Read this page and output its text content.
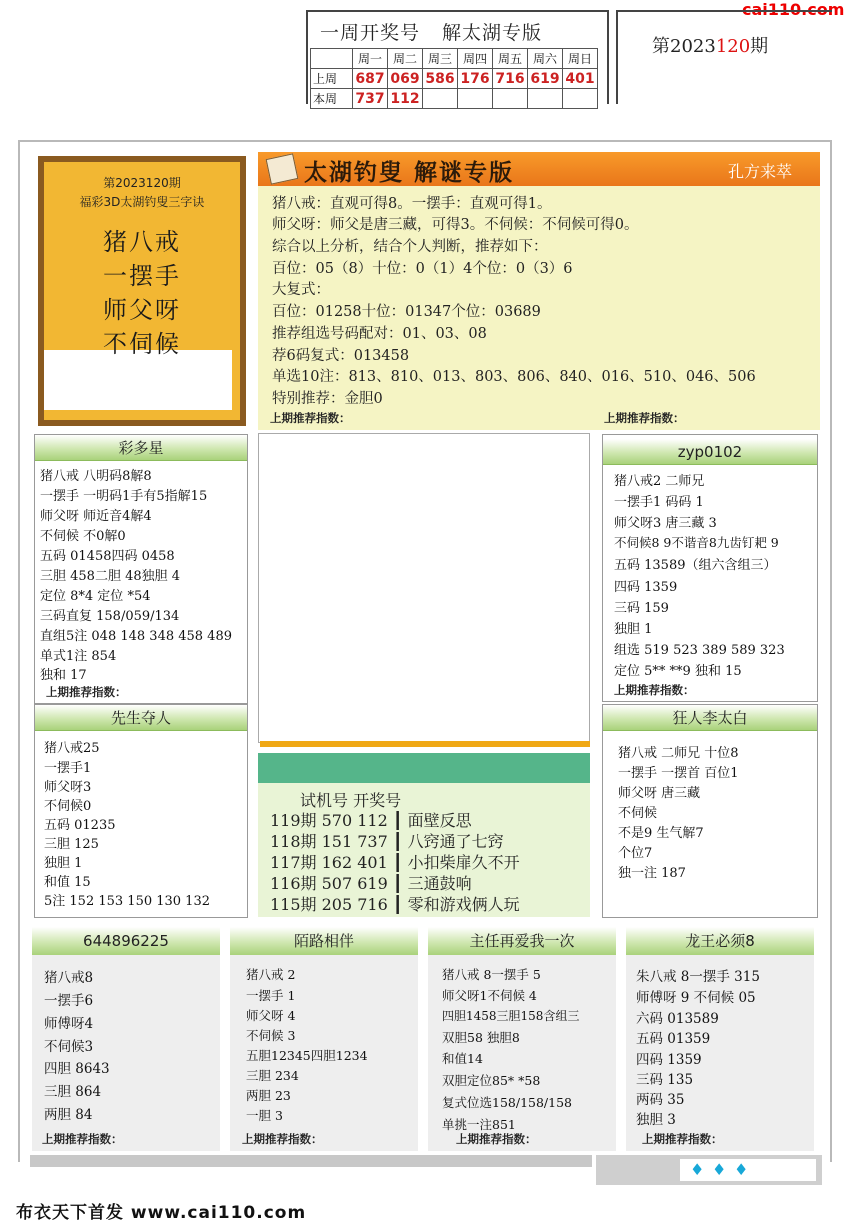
cai110.com
一周开奖号 解太湖专版
	周一	周二	周三	周四	周五	周六	周日
上周	687	069	586	176	716	619	401
本周	737	112					
第2023120期
第2023120期
福彩3D太湖钓叟三字诀
猪八戒
一摆手
师父呀
不伺候
太湖钓叟 解谜专版	孔方来萃
猪八戒：直观可得8。一摆手：直观可得1。
师父呀：师父是唐三藏，可得3。不伺候：不伺候可得0。
综合以上分析，结合个人判断，推荐如下：
百位：05（8）十位：0（1）4个位：0（3）6
大复式：
百位：01258十位：01347个位：03689
推荐组选号码配对：01、03、08
荐6码复式：013458
单选10注：813、810、013、803、806、840、016、510、046、506
特别推荐：金胆0
上期推荐指数：	上期推荐指数：
彩多星
猪八戒 八明码8解8
一摆手 一明码1手有5指解15
师父呀 师近音4解4
不伺候 不0解0
五码 01458四码 0458
三胆 458二胆 48独胆 4
定位 8*4 定位 *54
三码直复 158/059/134
直组5注 048 148 348 458 489
单式1注 854
独和 17
上期推荐指数：
先生夺人
猪八戒25
一摆手1
师父呀3
不伺候0
五码 01235
三胆 125
独胆 1
和值 15
5注 152 153 150 130 132
试机号 开奖号
119期 570 112 ┃ 面壁反思
118期 151 737 ┃ 八窍通了七窍
117期 162 401 ┃ 小扣柴扉久不开
116期 507 619 ┃ 三通鼓响
115期 205 716 ┃ 零和游戏俩人玩
zyp0102
猪八戒2 二师兄
一摆手1 码码 1
师父呀3 唐三藏 3
不伺候8 9不谐音8九齿钉耙 9
五码 13589（组六含组三）
四码 1359
三码 159
独胆 1
组选 519 523 389 589 323
定位 5** **9 独和 15
上期推荐指数：
狂人李太白
猪八戒 二师兄 十位8
一摆手 一摆首 百位1
师父呀 唐三藏
不伺候
不是9 生气解7
个位7
独一注 187
644896225
猪八戒8
一摆手6
师傅呀4
不伺候3
四胆 8643
三胆 864
两胆 84
上期推荐指数：
陌路相伴
猪八戒 2
一摆手 1
师父呀 4
不伺候 3
五胆12345四胆1234
三胆 234
两胆 23
一胆 3
上期推荐指数：
主任再爱我一次
猪八戒 8一摆手 5
师父呀1不伺候 4
四胆1458三胆158含组三
双胆58 独胆8
和值14
双胆定位85* *58
复式位选158/158/158
单挑一注851
上期推荐指数：
龙王必须8
朱八戒 8一摆手 315
师傅呀 9 不伺候 05
六码 013589
五码 01359
四码 1359
三码 135
两码 35
独胆 3
上期推荐指数：
♦ ♦ ♦
布衣天下首发 www.cai110.com
